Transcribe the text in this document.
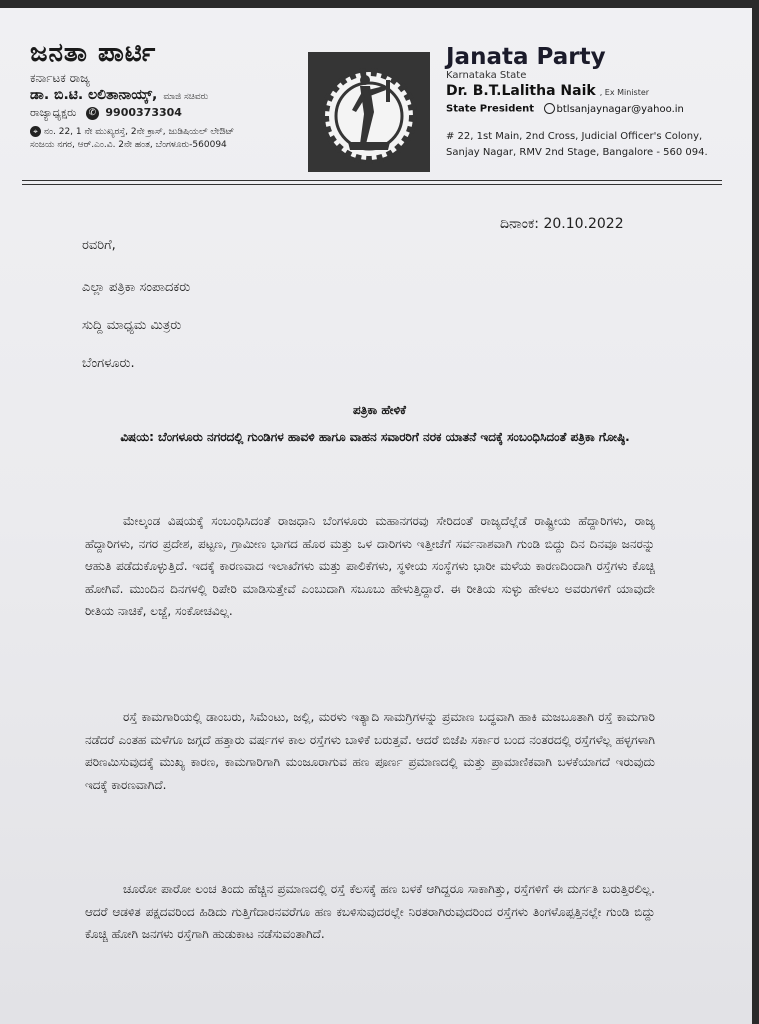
ಜನತಾ ಪಾರ್ಟಿ
ಕರ್ನಾಟಕ ರಾಜ್ಯ
ಡಾ. ಬಿ.ಟಿ. ಲಲಿತಾನಾಯ್ಕ್, ಮಾಜಿ ಸಚಿವರು
ರಾಜ್ಯಾಧ್ಯಕ್ಷರು ✆ 9900373304
⌖ ನಂ. 22, 1 ನೇ ಮುಖ್ಯರಸ್ತೆ, 2ನೇ ಕ್ರಾಸ್, ಜುಡಿಷಿಯಲ್ ಲೇಔಟ್
ಸಂಜಯ ನಗರ, ಆರ್.ಎಂ.ವಿ. 2ನೇ ಹಂತ, ಬೆಂಗಳೂರು-560094
Janata Party
Karnataka State
Dr. B.T.Lalitha Naik , Ex Minister
State President btlsanjaynagar@yahoo.in
# 22, 1st Main, 2nd Cross, Judicial Officer's Colony,
Sanjay Nagar, RMV 2nd Stage, Bangalore - 560 094.
ದಿನಾಂಕ: 20.10.2022
ರವರಿಗೆ,
ಎಲ್ಲಾ ಪತ್ರಿಕಾ ಸಂಪಾದಕರು
ಸುದ್ದಿ ಮಾಧ್ಯಮ ಮಿತ್ರರು
ಬೆಂಗಳೂರು.
ಪತ್ರಿಕಾ ಹೇಳಿಕೆ
ವಿಷಯ: ಬೆಂಗಳೂರು ನಗರದಲ್ಲಿ ಗುಂಡಿಗಳ ಹಾವಳಿ ಹಾಗೂ ವಾಹನ ಸವಾರರಿಗೆ ನರಕ ಯಾತನೆ ಇದಕ್ಕೆ ಸಂಬಂಧಿಸಿದಂತೆ ಪತ್ರಿಕಾ ಗೋಷ್ಠಿ.
ಮೇಲ್ಕಂಡ ವಿಷಯಕ್ಕೆ ಸಂಬಂಧಿಸಿದಂತೆ ರಾಜಧಾನಿ ಬೆಂಗಳೂರು ಮಹಾನಗರವು ಸೇರಿದಂತೆ ರಾಜ್ಯದೆಲ್ಲೆಡೆ ರಾಷ್ಟ್ರೀಯ ಹೆದ್ದಾರಿಗಳು, ರಾಜ್ಯ ಹೆದ್ದಾರಿಗಳು, ನಗರ ಪ್ರದೇಶ, ಪಟ್ಟಣ, ಗ್ರಾಮೀಣ ಭಾಗದ ಹೊರ ಮತ್ತು ಒಳ ದಾರಿಗಳು ಇತ್ತೀಚೆಗೆ ಸರ್ವನಾಶವಾಗಿ ಗುಂಡಿ ಬಿದ್ದು ದಿನ ದಿನವೂ ಜನರನ್ನು ಆಹುತಿ ಪಡೆದುಕೊಳ್ಳುತ್ತಿದೆ. ಇದಕ್ಕೆ ಕಾರಣವಾದ ಇಲಾಖೆಗಳು ಮತ್ತು ಪಾಲಿಕೆಗಳು, ಸ್ಥಳೀಯ ಸಂಸ್ಥೆಗಳು ಭಾರೀ ಮಳೆಯ ಕಾರಣದಿಂದಾಗಿ ರಸ್ತೆಗಳು ಕೊಚ್ಚಿ ಹೋಗಿವೆ. ಮುಂದಿನ ದಿನಗಳಲ್ಲಿ ರಿಪೇರಿ ಮಾಡಿಸುತ್ತೇವೆ ಎಂಬುದಾಗಿ ಸಬೂಬು ಹೇಳುತ್ತಿದ್ದಾರೆ. ಈ ರೀತಿಯ ಸುಳ್ಳು ಹೇಳಲು ಅವರುಗಳಿಗೆ ಯಾವುದೇ ರೀತಿಯ ನಾಚಿಕೆ, ಲಜ್ಜೆ, ಸಂಕೋಚವಿಲ್ಲ.
ರಸ್ತೆ ಕಾಮಗಾರಿಯಲ್ಲಿ ಡಾಂಬರು, ಸಿಮೆಂಟು, ಜಲ್ಲಿ, ಮರಳು ಇತ್ಯಾದಿ ಸಾಮಗ್ರಿಗಳನ್ನು ಪ್ರಮಾಣ ಬದ್ಧವಾಗಿ ಹಾಕಿ ಮಜಬೂತಾಗಿ ರಸ್ತೆ ಕಾಮಗಾರಿ ನಡೆದರೆ ಎಂತಹ ಮಳೆಗೂ ಜಗ್ಗದೆ ಹತ್ತಾರು ವರ್ಷಗಳ ಕಾಲ ರಸ್ತೆಗಳು ಬಾಳಿಕೆ ಬರುತ್ತವೆ. ಆದರೆ ಬಿಜೆಪಿ ಸರ್ಕಾರ ಬಂದ ನಂತರದಲ್ಲಿ ರಸ್ತೆಗಳೆಲ್ಲ ಹಳ್ಳಗಳಾಗಿ ಪರಿಣಮಿಸುವುದಕ್ಕೆ ಮುಖ್ಯ ಕಾರಣ, ಕಾಮಗಾರಿಗಾಗಿ ಮಂಜೂರಾಗುವ ಹಣ ಪೂರ್ಣ ಪ್ರಮಾಣದಲ್ಲಿ ಮತ್ತು ಪ್ರಾಮಾಣಿಕವಾಗಿ ಬಳಕೆಯಾಗದೆ ಇರುವುದು ಇದಕ್ಕೆ ಕಾರಣವಾಗಿದೆ.
ಚೂರೋ ಪಾರೋ ಲಂಚ ತಿಂದು ಹೆಚ್ಚಿನ ಪ್ರಮಾಣದಲ್ಲಿ ರಸ್ತೆ ಕೆಲಸಕ್ಕೆ ಹಣ ಬಳಕೆ ಆಗಿದ್ದರೂ ಸಾಕಾಗಿತ್ತು, ರಸ್ತೆಗಳಿಗೆ ಈ ದುರ್ಗತಿ ಬರುತ್ತಿರಲಿಲ್ಲ. ಆದರೆ ಆಡಳಿತ ಪಕ್ಷದವರಿಂದ ಹಿಡಿದು ಗುತ್ತಿಗೆದಾರನವರೆಗೂ ಹಣ ಕಬಳಿಸುವುದರಲ್ಲೇ ನಿರತರಾಗಿರುವುದರಿಂದ ರಸ್ತೆಗಳು ತಿಂಗಳೊಪ್ಪತ್ತಿನಲ್ಲೇ ಗುಂಡಿ ಬಿದ್ದು ಕೊಚ್ಚಿ ಹೋಗಿ ಜನಗಳು ರಸ್ತೆಗಾಗಿ ಹುಡುಕಾಟ ನಡೆಸುವಂತಾಗಿದೆ.
